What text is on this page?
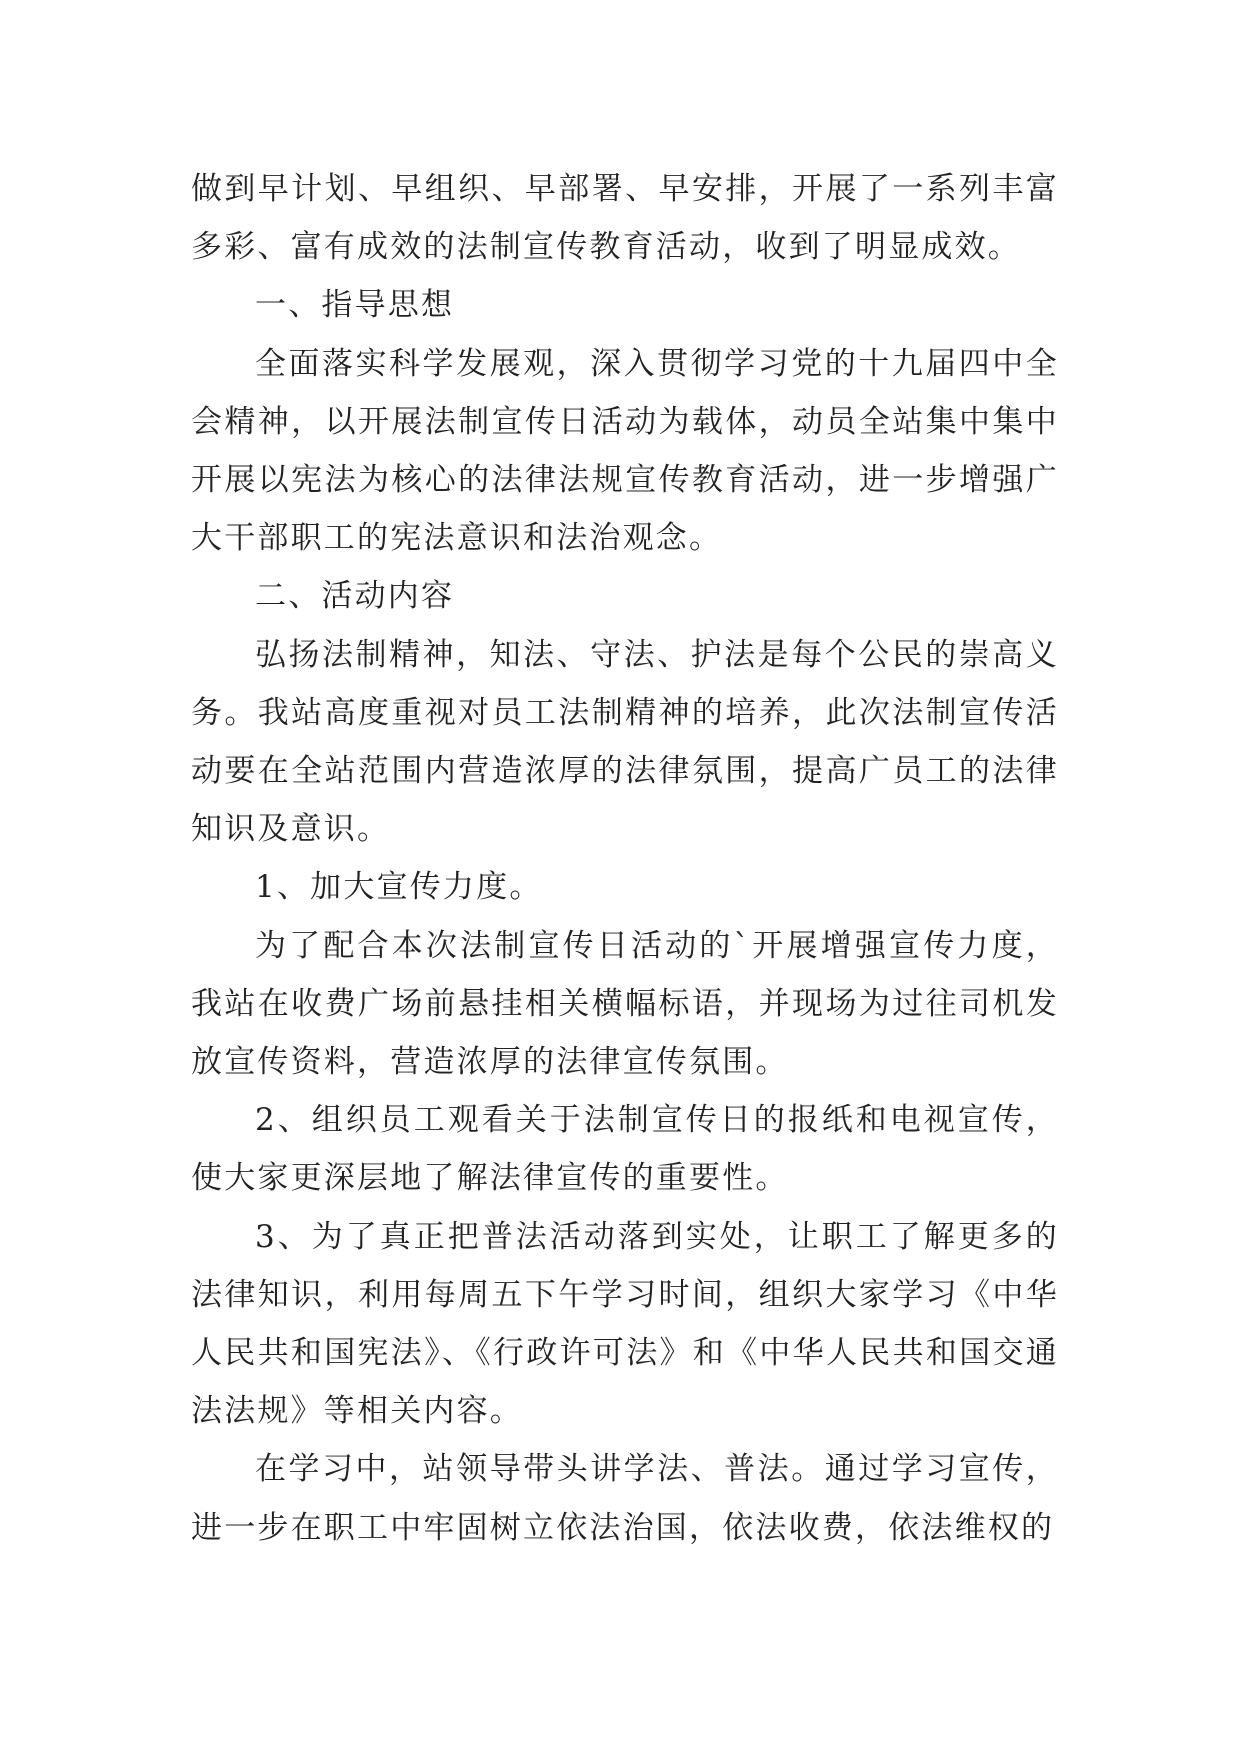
做到早计划、早组织、早部署、早安排，开展了一系列丰富多彩、富有成效的法制宣传教育活动，收到了明显成效。

一、指导思想

全面落实科学发展观，深入贯彻学习党的十九届四中全会精神，以开展法制宣传日活动为载体，动员全站集中集中开展以宪法为核心的法律法规宣传教育活动，进一步增强广大干部职工的宪法意识和法治观念。

二、活动内容

弘扬法制精神，知法、守法、护法是每个公民的崇高义务。我站高度重视对员工法制精神的培养，此次法制宣传活动要在全站范围内营造浓厚的法律氛围，提高广员工的法律知识及意识。

1、加大宣传力度。

为了配合本次法制宣传日活动的`开展增强宣传力度，我站在收费广场前悬挂相关横幅标语，并现场为过往司机发放宣传资料，营造浓厚的法律宣传氛围。

2、组织员工观看关于法制宣传日的报纸和电视宣传，使大家更深层地了解法律宣传的重要性。

3、为了真正把普法活动落到实处，让职工了解更多的法律知识，利用每周五下午学习时间，组织大家学习《中华人民共和国宪法》、《行政许可法》和《中华人民共和国交通法法规》等相关内容。

在学习中，站领导带头讲学法、普法。通过学习宣传，进一步在职工中牢固树立依法治国，依法收费，依法维权的
